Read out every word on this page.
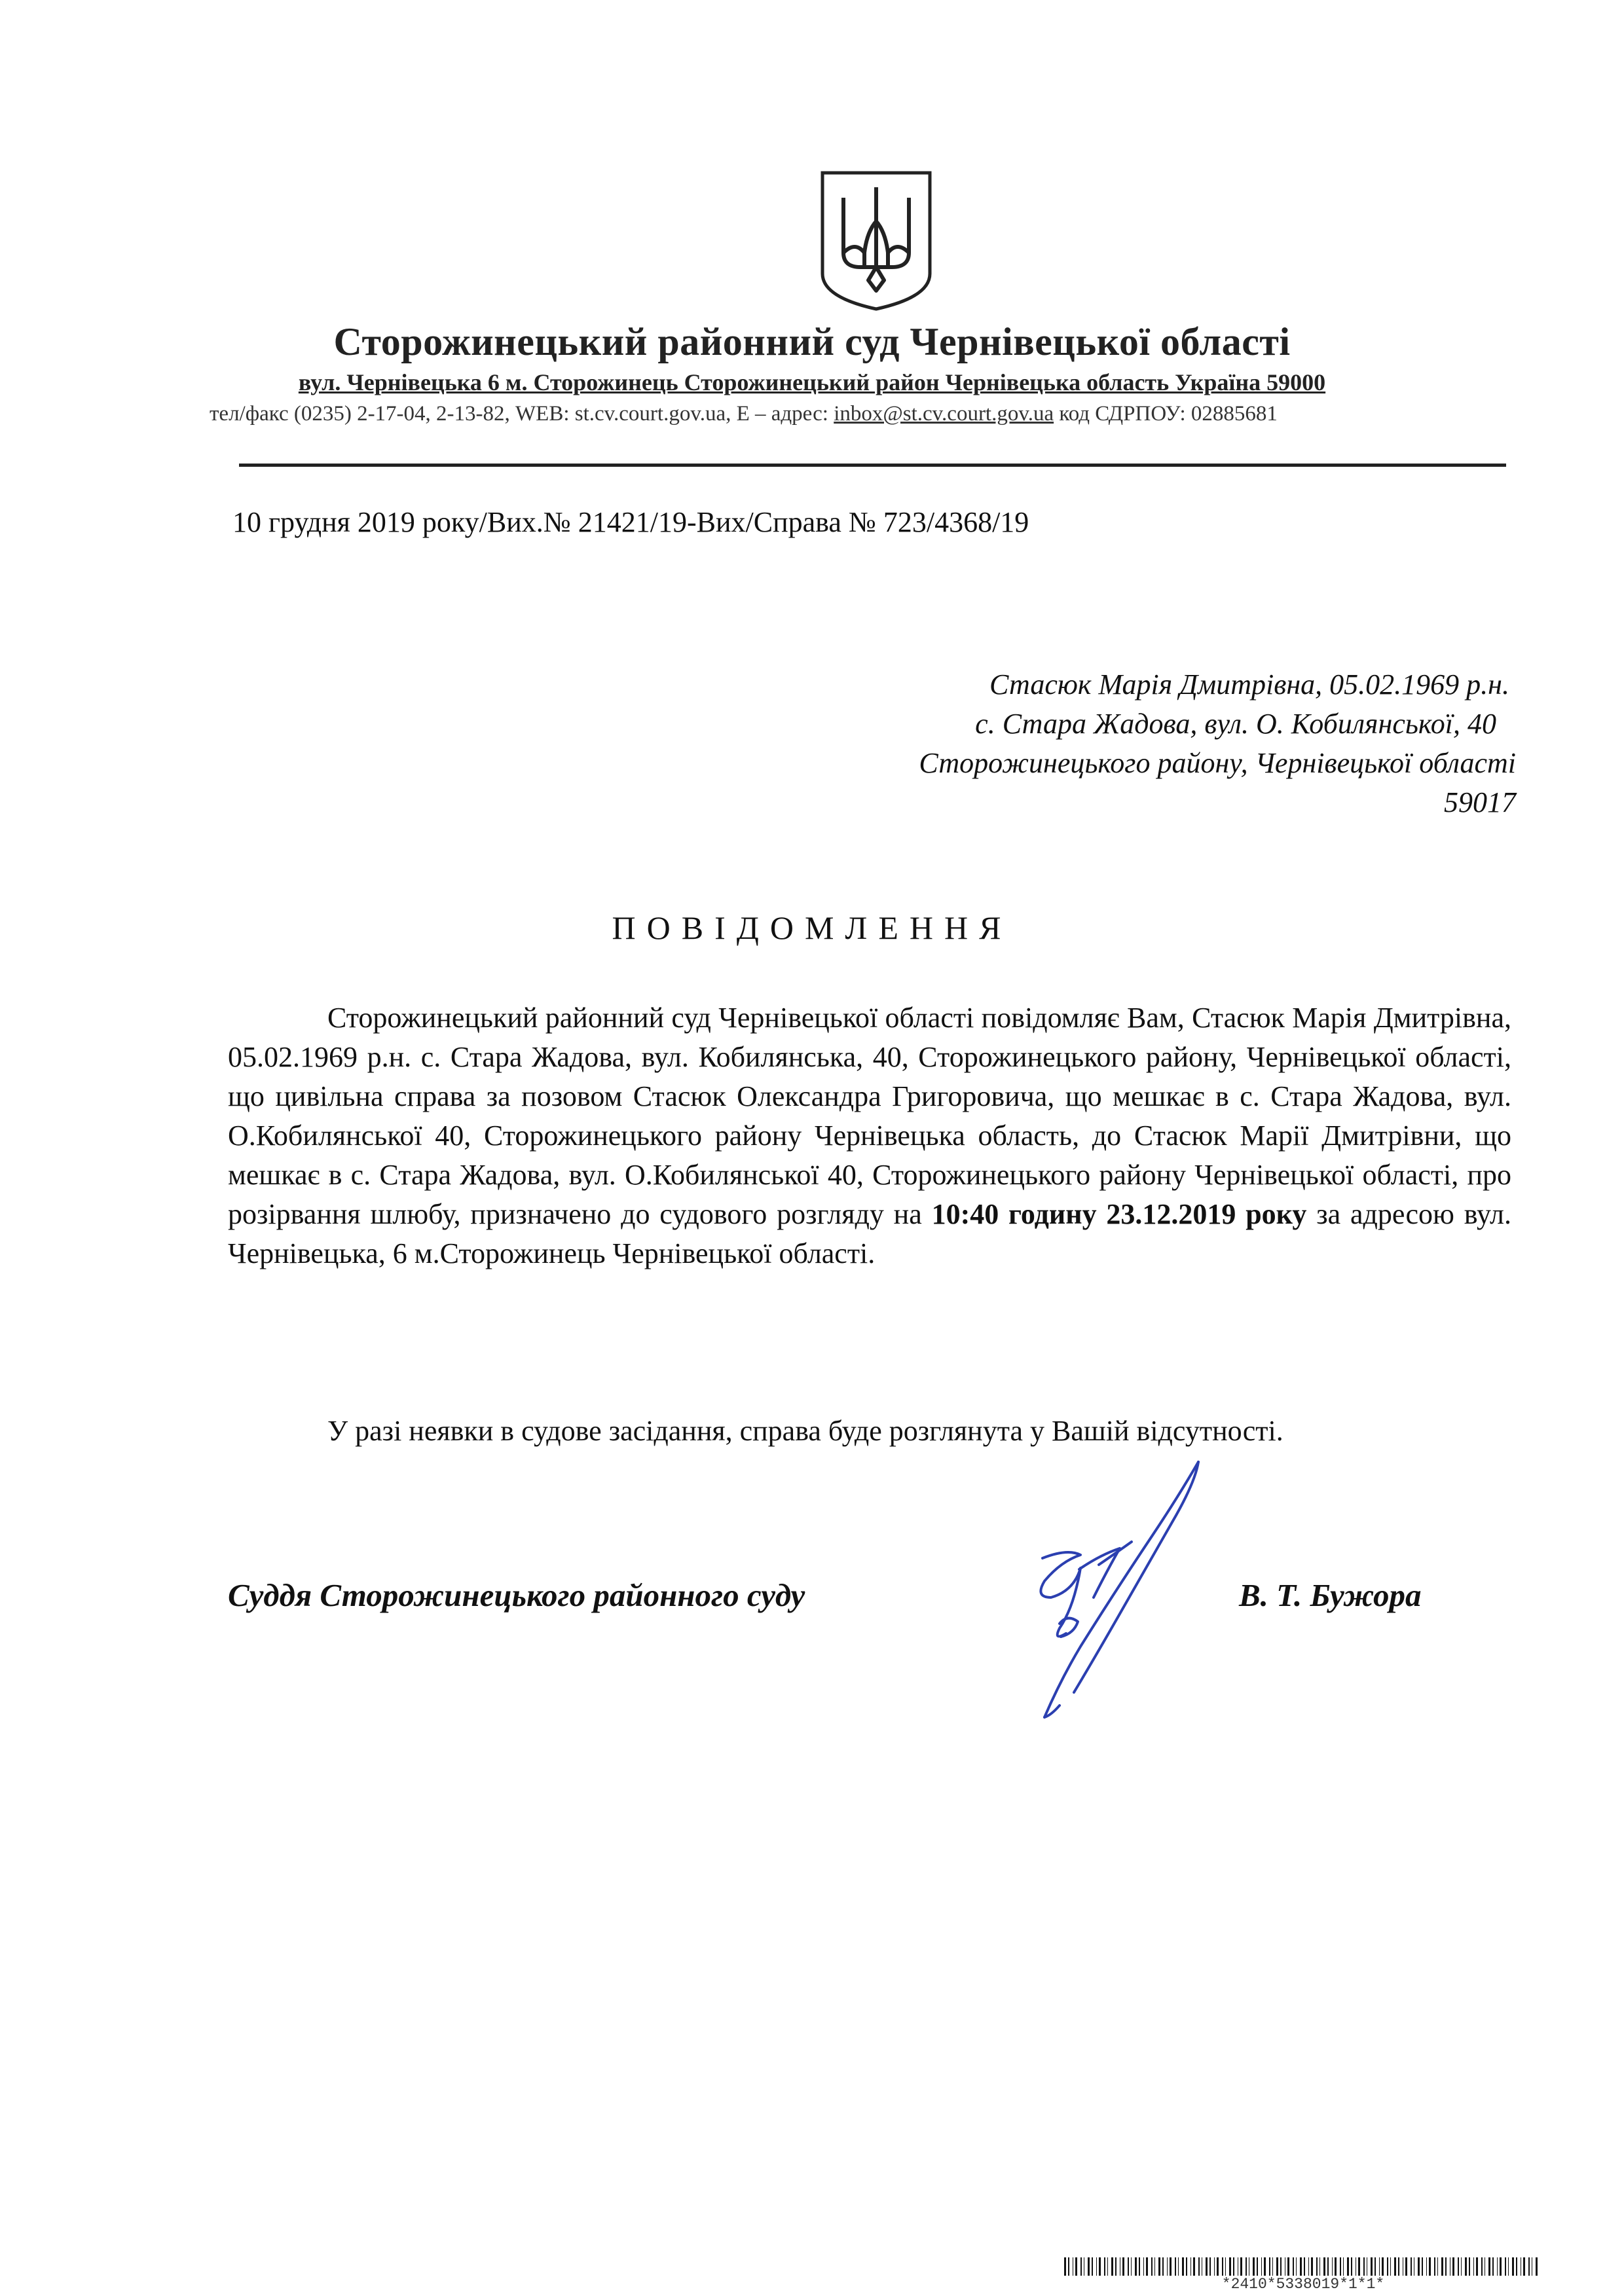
Сторожинецький районний суд Чернівецької області
вул. Чернівецька 6 м. Сторожинець Сторожинецький район Чернівецька область Україна 59000
тел/факс (0235) 2-17-04, 2-13-82, WEB: st.cv.court.gov.ua, E – адрес: inbox@st.cv.court.gov.ua код СДРПОУ: 02885681
10 грудня 2019 року/Вих.№ 21421/19-Вих/Справа № 723/4368/19
Стасюк Марія Дмитрівна, 05.02.1969 р.н.
с. Стара Жадова, вул. О. Кобилянської, 40
Сторожинецького району, Чернівецької області
59017
ПОВІДОМЛЕННЯ

Сторожинецький районний суд Чернівецької області повідомляє Вам, Стасюк Марія Дмитрівна, 05.02.1969 р.н. с. Стара Жадова, вул. Кобилянська, 40, Сторожинецького району, Чернівецької області, що цивільна справа за позовом Стасюк Олександра Григоровича, що мешкає в с. Стара Жадова, вул. О.Кобилянської 40, Сторожинецького району Чернівецька область, до Стасюк Марії Дмитрівни, що мешкає в с. Стара Жадова, вул. О.Кобилянської 40, Сторожинецького району Чернівецької області, про розірвання шлюбу, призначено до судового розгляду на 10:40 годину 23.12.2019 року за адресою вул. Чернівецька, 6 м.Сторожинець Чернівецької області.

У разі неявки в судове засідання, справа буде розглянута у Вашій відсутності.

Суддя Сторожинецького районного суду	В. Т. Бужора
*2410*5338019*1*1*
